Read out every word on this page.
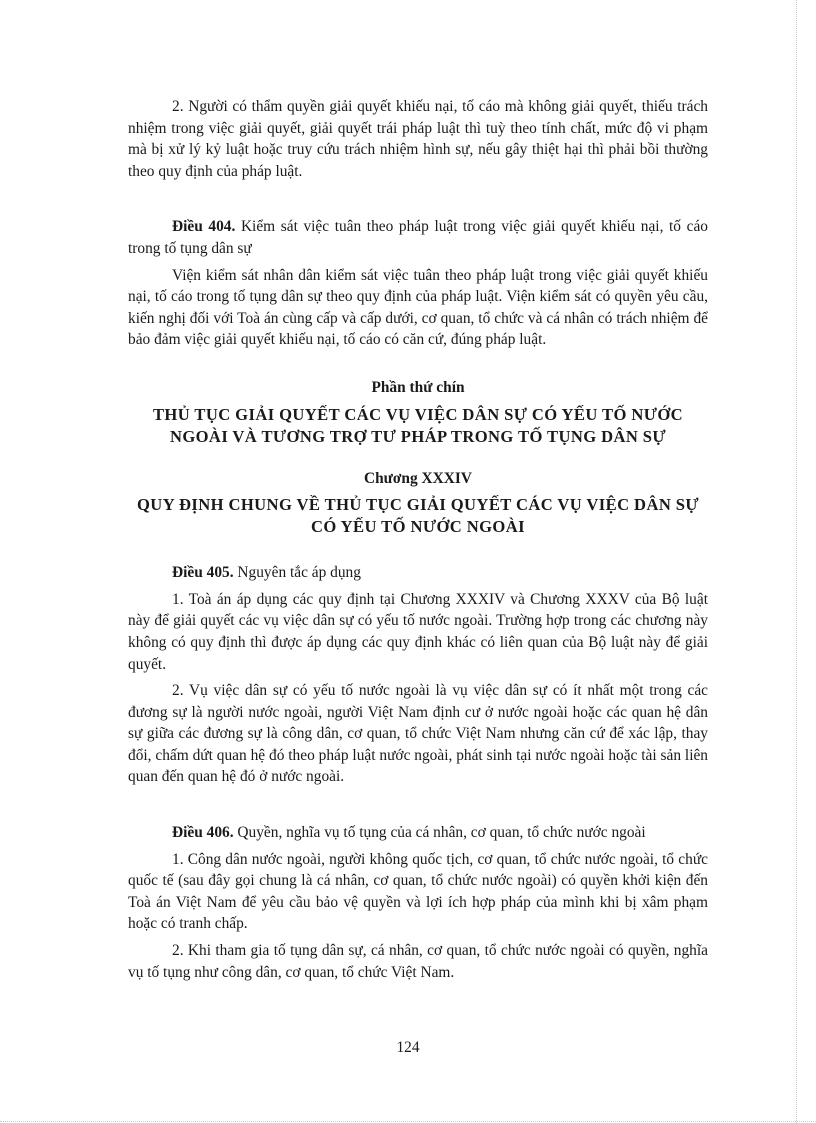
2. Người có thẩm quyền giải quyết khiếu nại, tố cáo mà không giải quyết, thiếu trách nhiệm trong việc giải quyết, giải quyết trái pháp luật thì tuỳ theo tính chất, mức độ vi phạm mà bị xử lý kỷ luật hoặc truy cứu trách nhiệm hình sự, nếu gây thiệt hại thì phải bồi thường theo quy định của pháp luật.

Điều 404. Kiểm sát việc tuân theo pháp luật trong việc giải quyết khiếu nại, tố cáo trong tố tụng dân sự

Viện kiểm sát nhân dân kiểm sát việc tuân theo pháp luật trong việc giải quyết khiếu nại, tố cáo trong tố tụng dân sự theo quy định của pháp luật. Viện kiểm sát có quyền yêu cầu, kiến nghị đối với Toà án cùng cấp và cấp dưới, cơ quan, tổ chức và cá nhân có trách nhiệm để bảo đảm việc giải quyết khiếu nại, tố cáo có căn cứ, đúng pháp luật.

Phần thứ chín

THỦ TỤC GIẢI QUYẾT CÁC VỤ VIỆC DÂN SỰ CÓ YẾU TỐ NƯỚC
NGOÀI VÀ TƯƠNG TRỢ TƯ PHÁP TRONG TỐ TỤNG DÂN SỰ

Chương XXXIV

QUY ĐỊNH CHUNG VỀ THỦ TỤC GIẢI QUYẾT CÁC VỤ VIỆC DÂN SỰ
CÓ YẾU TỐ NƯỚC NGOÀI

Điều 405. Nguyên tắc áp dụng

1. Toà án áp dụng các quy định tại Chương XXXIV và Chương XXXV của Bộ luật này để giải quyết các vụ việc dân sự có yếu tố nước ngoài. Trường hợp trong các chương này không có quy định thì được áp dụng các quy định khác có liên quan của Bộ luật này để giải quyết.

2. Vụ việc dân sự có yếu tố nước ngoài là vụ việc dân sự có ít nhất một trong các đương sự là người nước ngoài, người Việt Nam định cư ở nước ngoài hoặc các quan hệ dân sự giữa các đương sự là công dân, cơ quan, tổ chức Việt Nam nhưng căn cứ để xác lập, thay đổi, chấm dứt quan hệ đó theo pháp luật nước ngoài, phát sinh tại nước ngoài hoặc tài sản liên quan đến quan hệ đó ở nước ngoài.

Điều 406. Quyền, nghĩa vụ tố tụng của cá nhân, cơ quan, tổ chức nước ngoài

1. Công dân nước ngoài, người không quốc tịch, cơ quan, tổ chức nước ngoài, tổ chức quốc tế (sau đây gọi chung là cá nhân, cơ quan, tổ chức nước ngoài) có quyền khởi kiện đến Toà án Việt Nam để yêu cầu bảo vệ quyền và lợi ích hợp pháp của mình khi bị xâm phạm hoặc có tranh chấp.

2. Khi tham gia tố tụng dân sự, cá nhân, cơ quan, tổ chức nước ngoài có quyền, nghĩa vụ tố tụng như công dân, cơ quan, tổ chức Việt Nam.

124
